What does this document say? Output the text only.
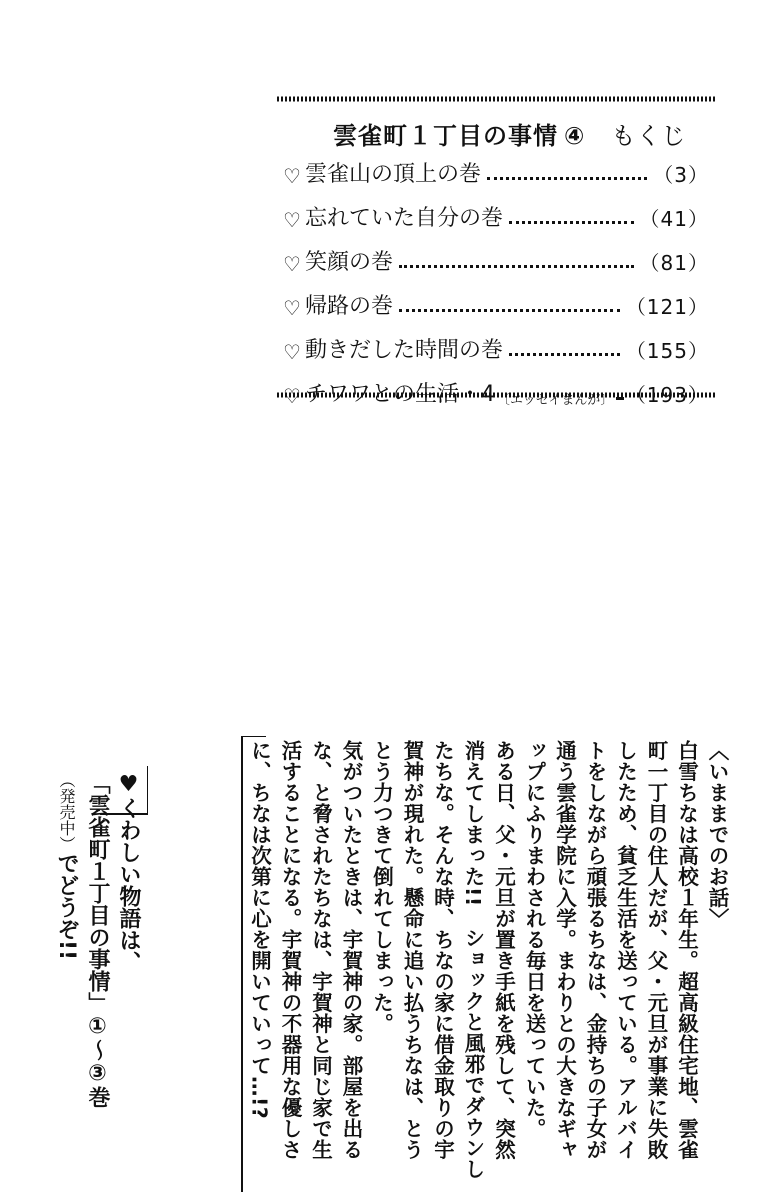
雲雀町１丁目の事情 ④ もくじ
♡ 雲雀山の頂上の巻	（3）
♡ 忘れていた自分の巻	（41）
♡ 笑顔の巻	（81）
♡ 帰路の巻	（121）
♡ 動きだした時間の巻	（155）
♡ チワワとの生活・4 〔エッセイまんが〕 （193）

〈いままでのお話〉

白雪ちなは高校１年生。超高級住宅地、雲雀町一丁目の住人だが、父・元旦が事業に失敗したため、貧乏生活を送っている。アルバイトをしながら頑張るちなは、金持ちの子女が通う雲雀学院に入学。まわりとの大きなギャップにふりまわされる毎日を送っていた。

ある日、父・元旦が置き手紙を残して、突然消えてしまった!!　ショックと風邪でダウンしたちな。そんな時、ちなの家に借金取りの宇賀神が現れた。懸命に追い払うちなは、とうとう力つきて倒れてしまった。

気がついたときは、宇賀神の家。部屋を出るな、と脅されたちなは、宇賀神と同じ家で生活することになる。宇賀神の不器用な優しさに、ちなは次第に心を開いていって…!?

♥くわしい物語は、

「雲雀町１丁目の事情」①〜③巻

（発売中）でどうぞ!!
